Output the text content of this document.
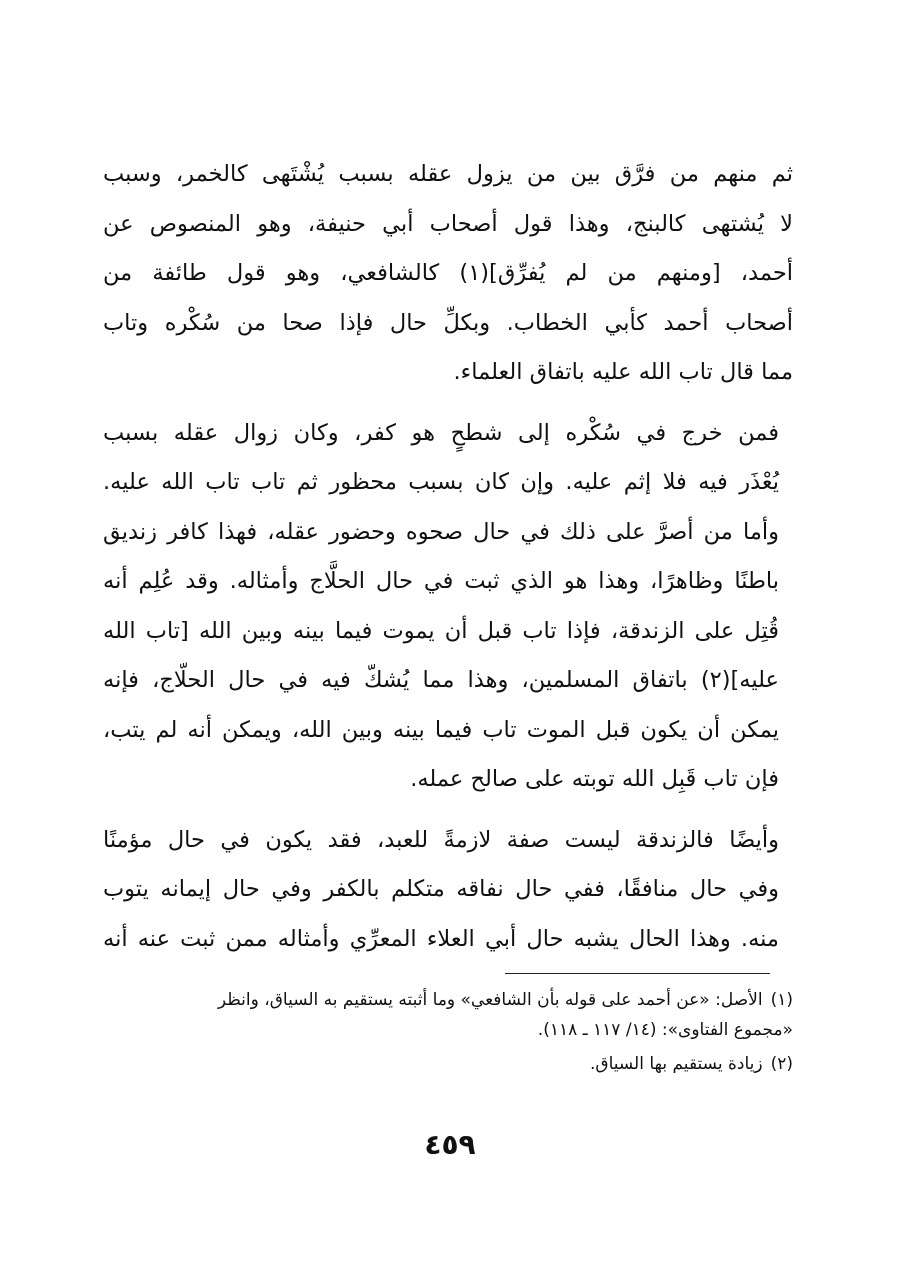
ثم منهم من فرَّق بين من يزول عقله بسبب يُشْتَهى كالخمر، وسبب
لا يُشتهى كالبنج، وهذا قول أصحاب أبي حنيفة، وهو المنصوص عن
أحمد، [ومنهم من لم يُفرِّق](١) كالشافعي، وهو قول طائفة من
أصحاب أحمد كأبي الخطاب. وبكلِّ حال فإذا صحا من سُكْره وتاب
مما قال تاب الله عليه باتفاق العلماء.

فمن خرج في سُكْره إلى شطحٍ هو كفر، وكان زوال عقله بسبب
يُعْذَر فيه فلا إثم عليه. وإن كان بسبب محظور ثم تاب تاب الله عليه.
وأما من أصرَّ على ذلك في حال صحوه وحضور عقله، فهذا كافر زنديق
باطنًا وظاهرًا، وهذا هو الذي ثبت في حال الحلَّاج وأمثاله. وقد عُلِم أنه
قُتِل على الزندقة، فإذا تاب قبل أن يموت فيما بينه وبين الله [تاب الله
عليه](٢) باتفاق المسلمين، وهذا مما يُشكّ فيه في حال الحلّاج، فإنه
يمكن أن يكون قبل الموت تاب فيما بينه وبين الله، ويمكن أنه لم يتب،
فإن تاب قَبِل الله توبته على صالح عمله.

وأيضًا فالزندقة ليست صفة لازمةً للعبد، فقد يكون في حال مؤمنًا
وفي حال منافقًا، ففي حال نفاقه متكلم بالكفر وفي حال إيمانه يتوب
منه. وهذا الحال يشبه حال أبي العلاء المعرِّي وأمثاله ممن ثبت عنه أنه

(١)الأصل: «عن أحمد على قوله بأن الشافعي» وما أثبته يستقيم به السياق، وانظر
«مجموع الفتاوى»: (١٤/ ١١٧ ـ ١١٨).

(٢)زيادة يستقيم بها السياق.

٤٥٩
